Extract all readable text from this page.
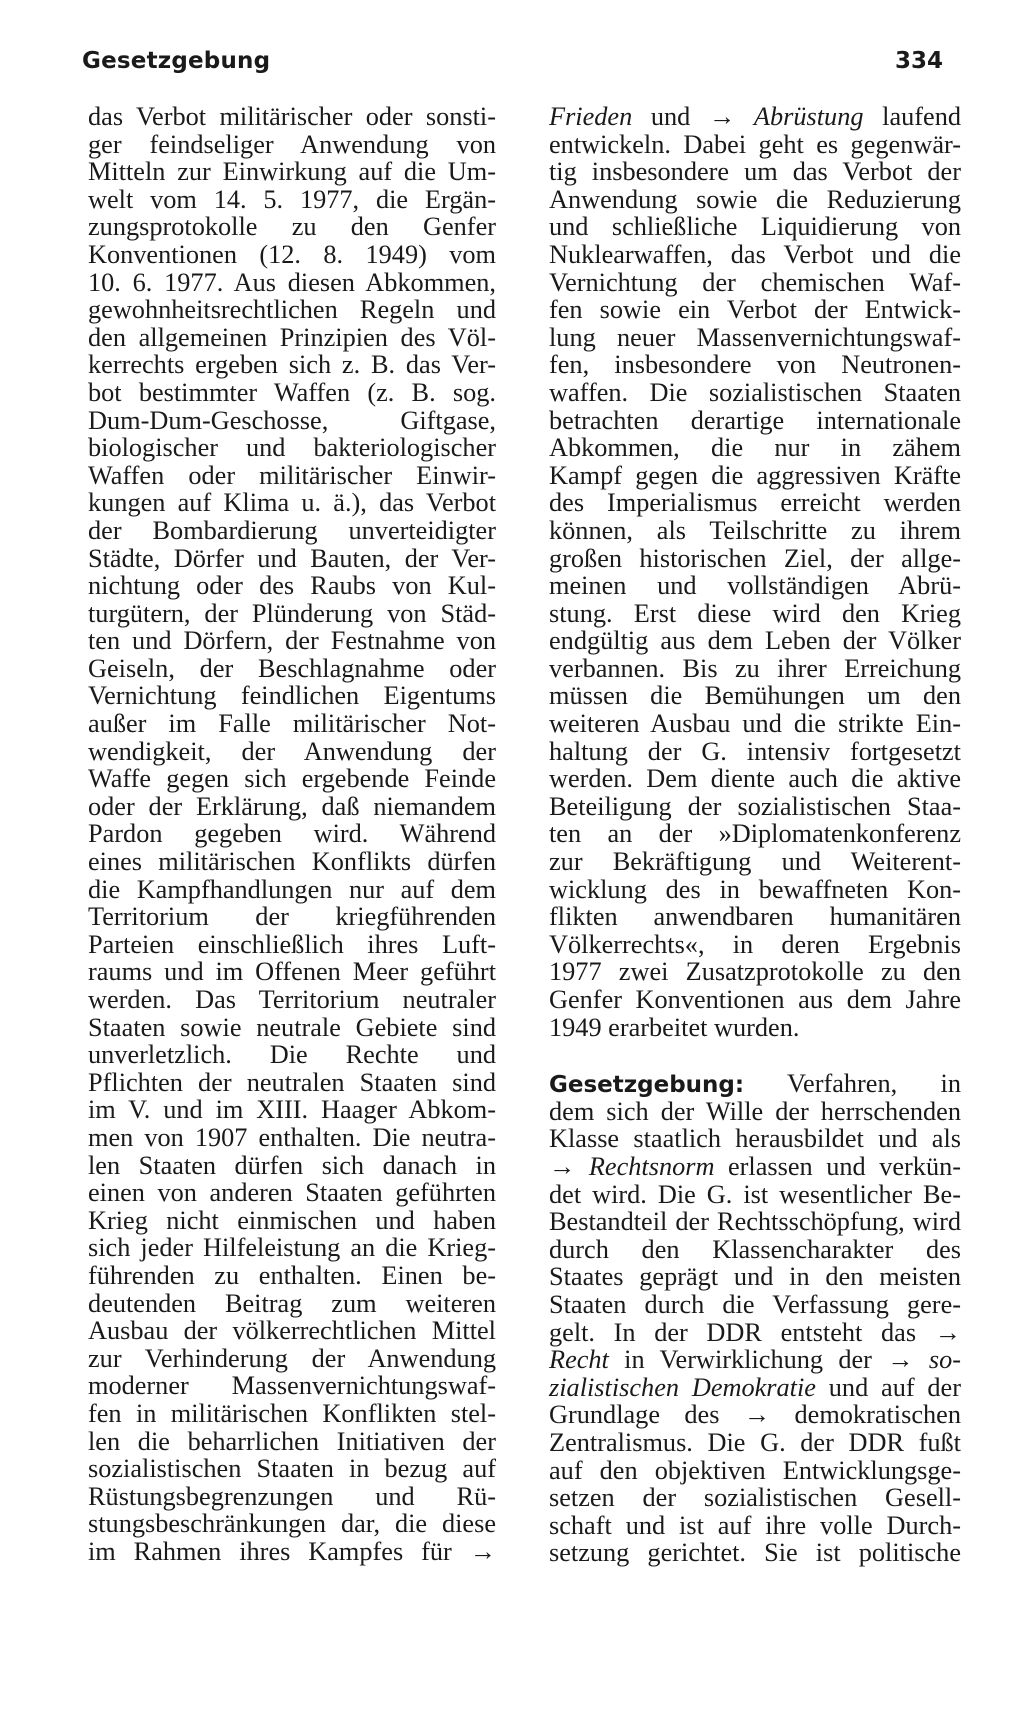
Gesetzgebung	334
das Verbot militärischer oder sonsti-
ger feindseliger Anwendung von
Mitteln zur Einwirkung auf die Um-
welt vom 14. 5. 1977, die Ergän-
zungsprotokolle zu den Genfer
Konventionen (12. 8. 1949) vom
10. 6. 1977. Aus diesen Abkommen,
gewohnheitsrechtlichen Regeln und
den allgemeinen Prinzipien des Völ-
kerrechts ergeben sich z. B. das Ver-
bot bestimmter Waffen (z. B. sog.
Dum-Dum-Geschosse, Giftgase,
biologischer und bakteriologischer
Waffen oder militärischer Einwir-
kungen auf Klima u. ä.), das Verbot
der Bombardierung unverteidigter
Städte, Dörfer und Bauten, der Ver-
nichtung oder des Raubs von Kul-
turgütern, der Plünderung von Städ-
ten und Dörfern, der Festnahme von
Geiseln, der Beschlagnahme oder
Vernichtung feindlichen Eigentums
außer im Falle militärischer Not-
wendigkeit, der Anwendung der
Waffe gegen sich ergebende Feinde
oder der Erklärung, daß niemandem
Pardon gegeben wird. Während
eines militärischen Konflikts dürfen
die Kampfhandlungen nur auf dem
Territorium der kriegführenden
Parteien einschließlich ihres Luft-
raums und im Offenen Meer geführt
werden. Das Territorium neutraler
Staaten sowie neutrale Gebiete sind
unverletzlich. Die Rechte und
Pflichten der neutralen Staaten sind
im V. und im XIII. Haager Abkom-
men von 1907 enthalten. Die neutra-
len Staaten dürfen sich danach in
einen von anderen Staaten geführten
Krieg nicht einmischen und haben
sich jeder Hilfeleistung an die Krieg-
führenden zu enthalten. Einen be-
deutenden Beitrag zum weiteren
Ausbau der völkerrechtlichen Mittel
zur Verhinderung der Anwendung
moderner Massenvernichtungswaf-
fen in militärischen Konflikten stel-
len die beharrlichen Initiativen der
sozialistischen Staaten in bezug auf
Rüstungsbegrenzungen und Rü-
stungsbeschränkungen dar, die diese
im Rahmen ihres Kampfes für →
Frieden und → Abrüstung laufend
entwickeln. Dabei geht es gegenwär-
tig insbesondere um das Verbot der
Anwendung sowie die Reduzierung
und schließliche Liquidierung von
Nuklearwaffen, das Verbot und die
Vernichtung der chemischen Waf-
fen sowie ein Verbot der Entwick-
lung neuer Massenvernichtungswaf-
fen, insbesondere von Neutronen-
waffen. Die sozialistischen Staaten
betrachten derartige internationale
Abkommen, die nur in zähem
Kampf gegen die aggressiven Kräfte
des Imperialismus erreicht werden
können, als Teilschritte zu ihrem
großen historischen Ziel, der allge-
meinen und vollständigen Abrü-
stung. Erst diese wird den Krieg
endgültig aus dem Leben der Völker
verbannen. Bis zu ihrer Erreichung
müssen die Bemühungen um den
weiteren Ausbau und die strikte Ein-
haltung der G. intensiv fortgesetzt
werden. Dem diente auch die aktive
Beteiligung der sozialistischen Staa-
ten an der »Diplomatenkonferenz
zur Bekräftigung und Weiterent-
wicklung des in bewaffneten Kon-
flikten anwendbaren humanitären
Völkerrechts«, in deren Ergebnis
1977 zwei Zusatzprotokolle zu den
Genfer Konventionen aus dem Jahre
1949 erarbeitet wurden.
Gesetzgebung: Verfahren, in
dem sich der Wille der herrschenden
Klasse staatlich herausbildet und als
→ Rechtsnorm erlassen und verkün-
det wird. Die G. ist wesentlicher Be-
Bestandteil der Rechtsschöpfung, wird
durch den Klassencharakter des
Staates geprägt und in den meisten
Staaten durch die Verfassung gere-
gelt. In der DDR entsteht das →
Recht in Verwirklichung der → so-
zialistischen Demokratie und auf der
Grundlage des → demokratischen
Zentralismus. Die G. der DDR fußt
auf den objektiven Entwicklungsge-
setzen der sozialistischen Gesell-
schaft und ist auf ihre volle Durch-
setzung gerichtet. Sie ist politische
